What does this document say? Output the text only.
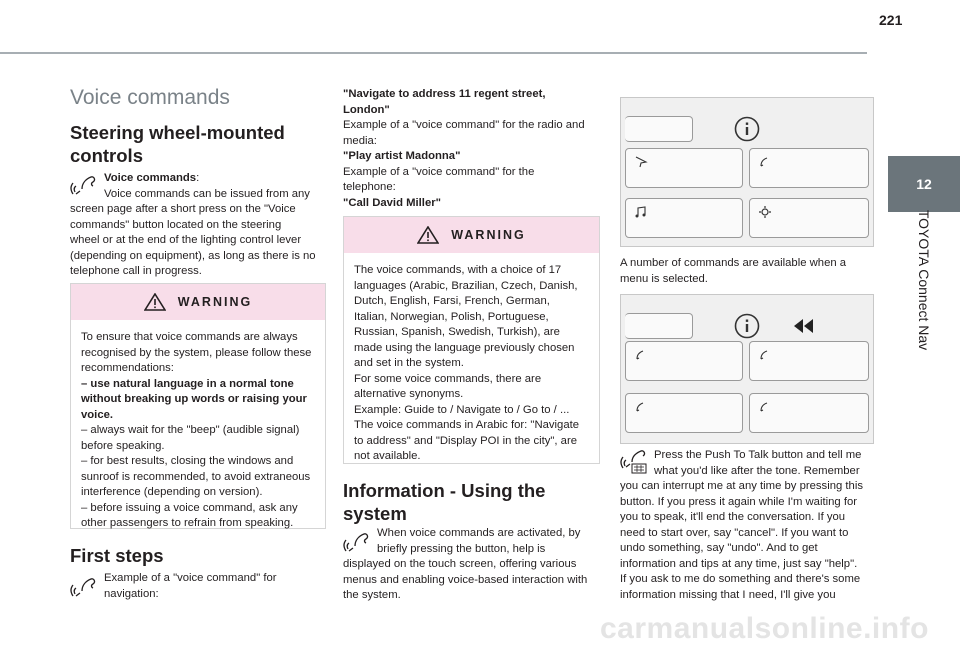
221
12
TOYOTA Connect Nav
Voice commands
Steering wheel-mounted controls

Voice commands:

Voice commands can be issued from any

screen page after a short press on the "Voice

commands" button located on the steering

wheel or at the end of the lighting control lever

(depending on equipment), as long as there is no

telephone call in progress.

WARNING

To ensure that voice commands are always

recognised by the system, please follow these

recommendations:

– use natural language in a normal tone

without breaking up words or raising your

voice.

– always wait for the "beep" (audible signal)

before speaking.

– for best results, closing the windows and

sunroof is recommended, to avoid extraneous

interference (depending on version).

– before issuing a voice command, ask any

other passengers to refrain from speaking.

First steps

Example of a "voice command" for

navigation:

"Navigate to address 11 regent street,

London"

Example of a "voice command" for the radio and

media:

"Play artist Madonna"

Example of a "voice command" for the

telephone:

"Call David Miller"

WARNING

The voice commands, with a choice of 17

languages (Arabic, Brazilian, Czech, Danish,

Dutch, English, Farsi, French, German,

Italian, Norwegian, Polish, Portuguese,

Russian, Spanish, Swedish, Turkish), are

made using the language previously chosen

and set in the system.

For some voice commands, there are

alternative synonyms.

Example: Guide to / Navigate to / Go to / ...

The voice commands in Arabic for: "Navigate

to address" and "Display POI in the city", are

not available.

Information - Using the system

When voice commands are activated, by

briefly pressing the button, help is

displayed on the touch screen, offering various

menus and enabling voice-based interaction with

the system.

A number of commands are available when a

menu is selected.

Press the Push To Talk button and tell me

what you'd like after the tone. Remember

you can interrupt me at any time by pressing this

button. If you press it again while I'm waiting for

you to speak, it'll end the conversation. If you

need to start over, say "cancel". If you want to

undo something, say "undo". And to get

information and tips at any time, just say "help".

If you ask to me do something and there's some

information missing that I need, I'll give you

carmanualsonline.info
